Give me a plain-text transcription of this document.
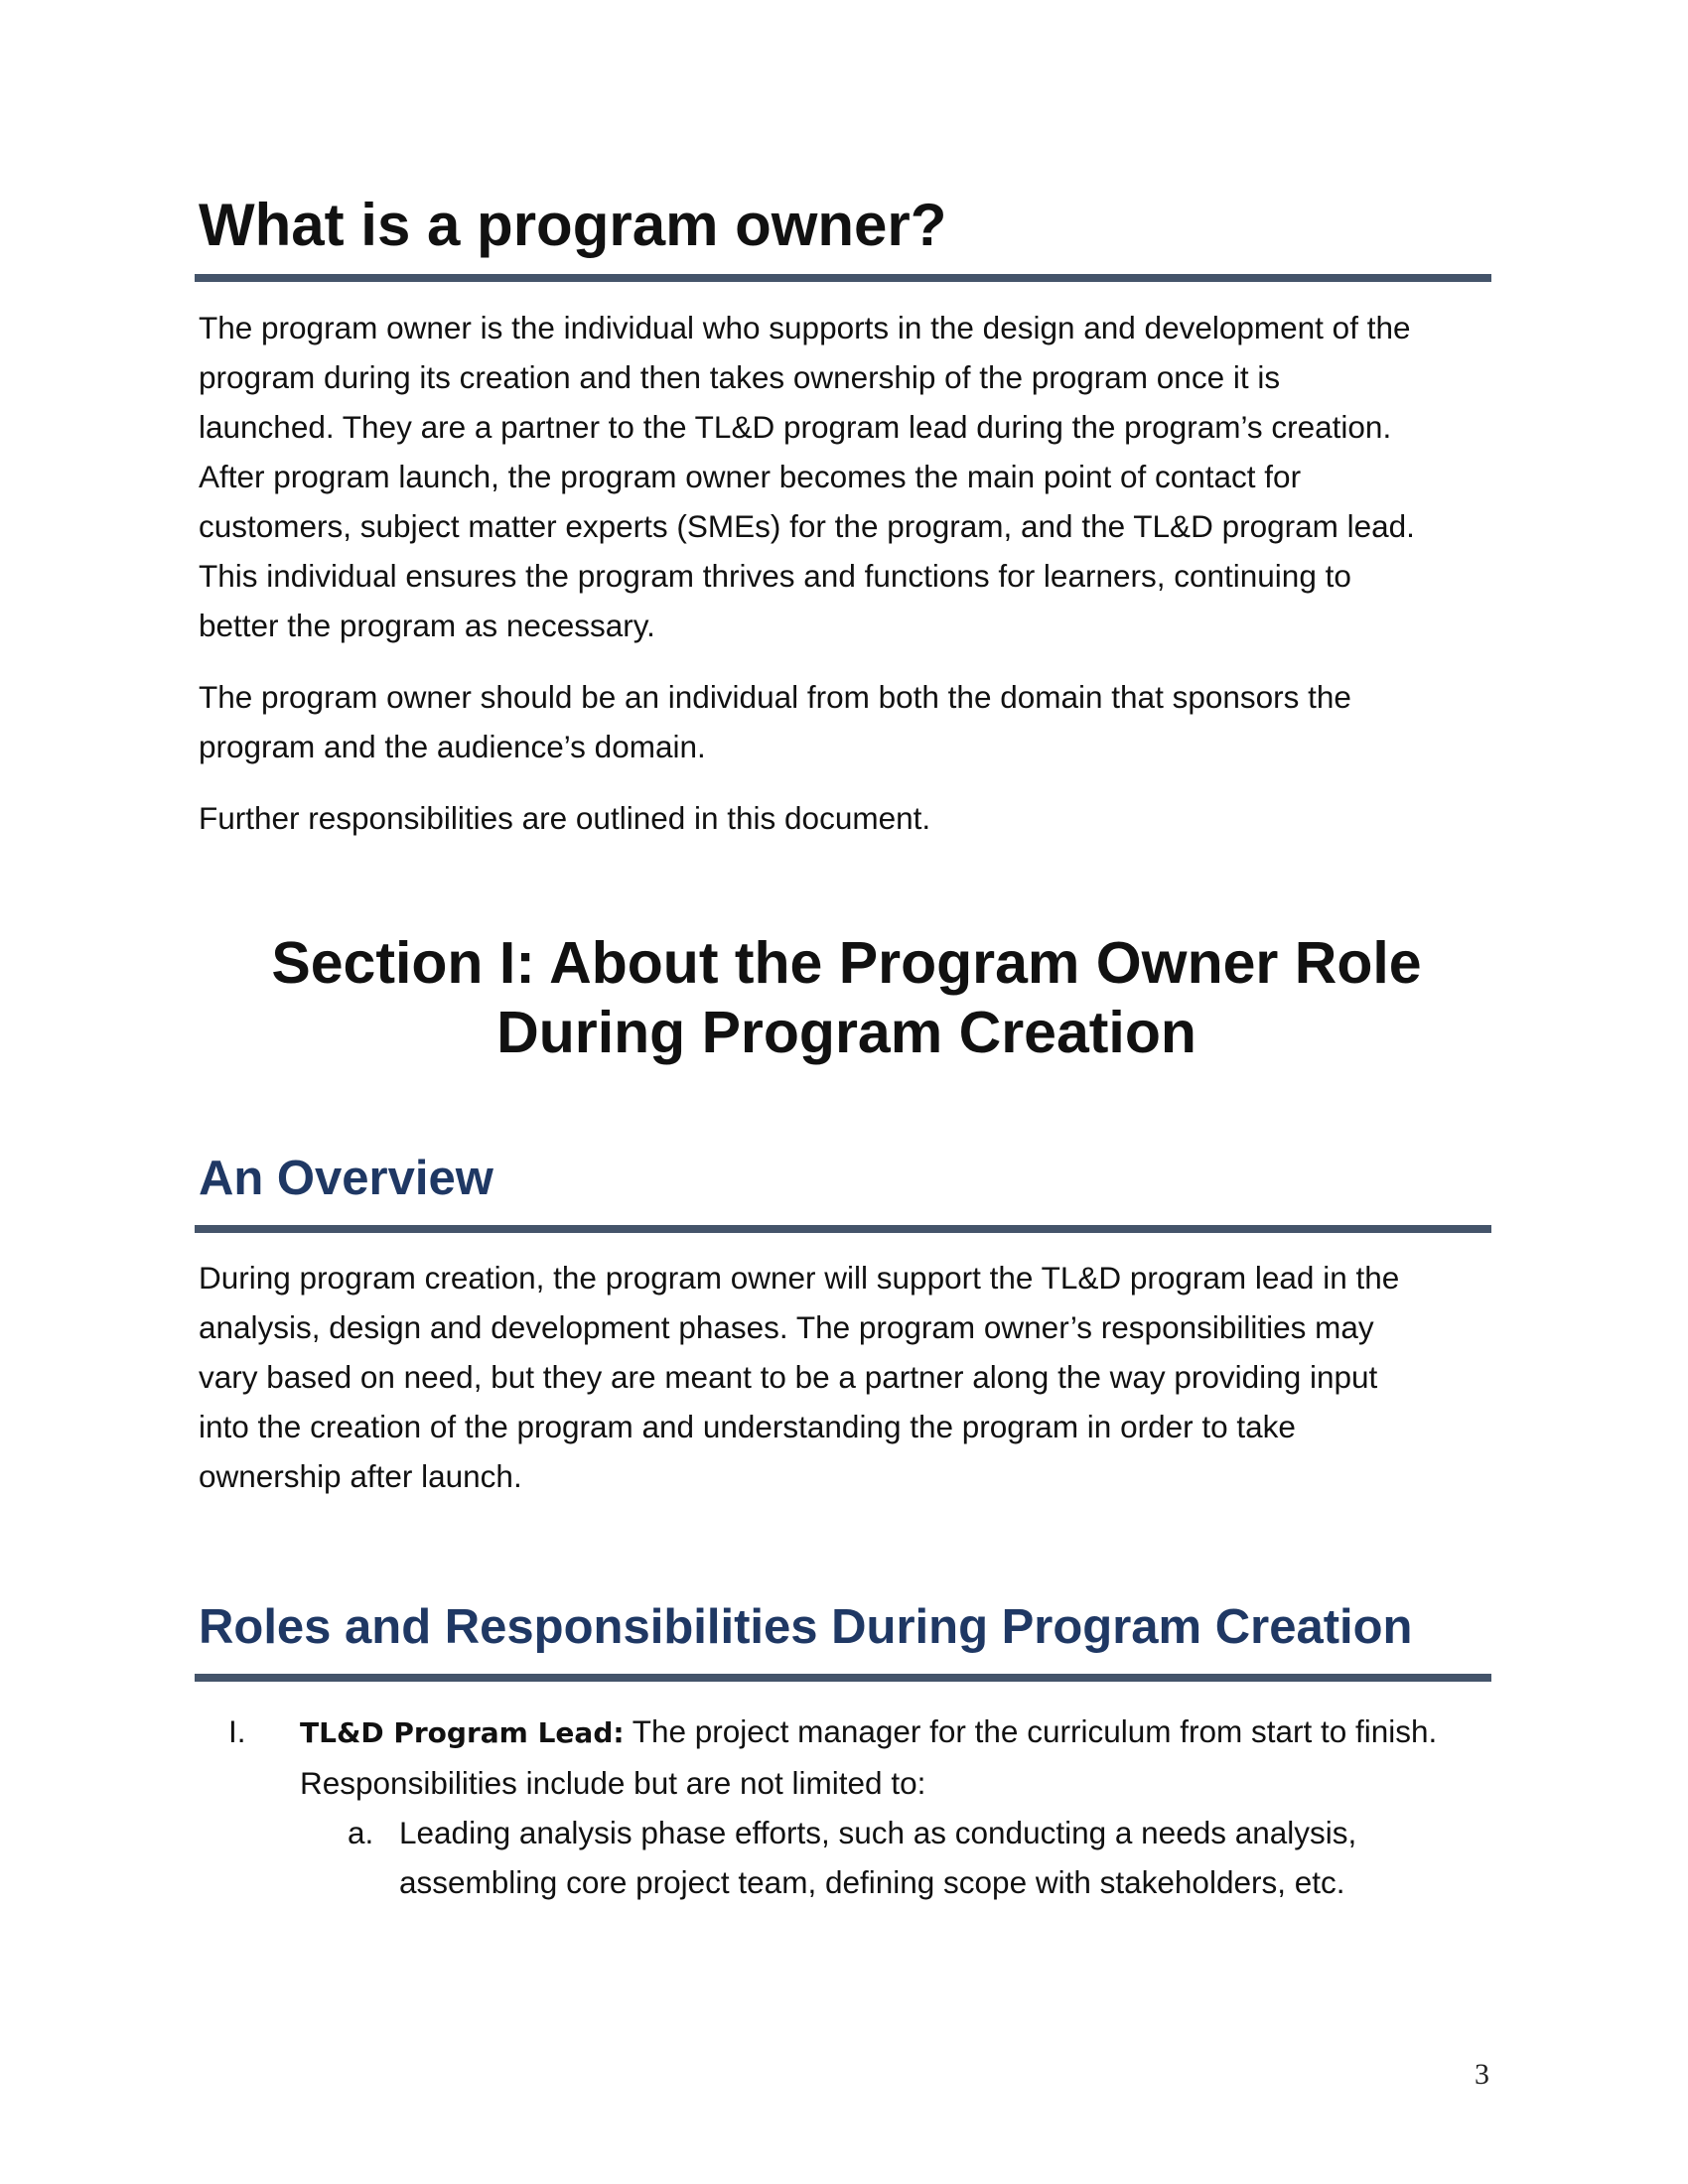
What is a program owner?
The program owner is the individual who supports in the design and development of the
program during its creation and then takes ownership of the program once it is
launched. They are a partner to the TL&D program lead during the program’s creation.
After program launch, the program owner becomes the main point of contact for
customers, subject matter experts (SMEs) for the program, and the TL&D program lead.
This individual ensures the program thrives and functions for learners, continuing to
better the program as necessary.
The program owner should be an individual from both the domain that sponsors the
program and the audience’s domain.
Further responsibilities are outlined in this document.
Section I: About the Program Owner Role
During Program Creation
An Overview
During program creation, the program owner will support the TL&D program lead in the
analysis, design and development phases. The program owner’s responsibilities may
vary based on need, but they are meant to be a partner along the way providing input
into the creation of the program and understanding the program in order to take
ownership after launch.
Roles and Responsibilities During Program Creation
I. TL&D Program Lead: The project manager for the curriculum from start to finish.
Responsibilities include but are not limited to:
a. Leading analysis phase efforts, such as conducting a needs analysis,
assembling core project team, defining scope with stakeholders, etc.
3
